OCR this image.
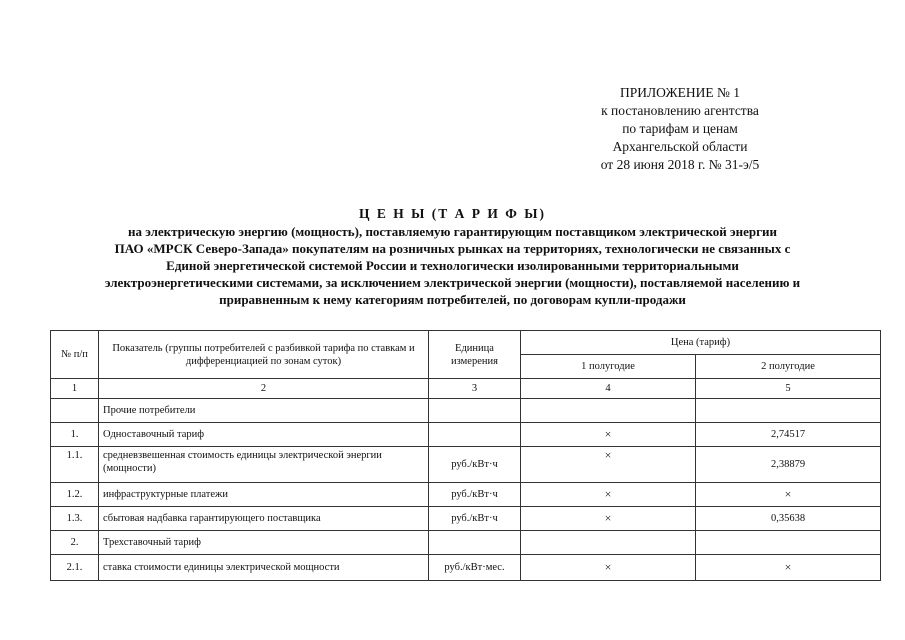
ПРИЛОЖЕНИЕ № 1
к постановлению агентства
по тарифам и ценам
Архангельской области
от 28 июня 2018 г. № 31-э/5
Ц Е Н Ы (Т А Р И Ф Ы)
на электрическую энергию (мощность), поставляемую гарантирующим поставщиком электрической энергии
ПАО «МРСК Северо-Запада» покупателям на розничных рынках на территориях, технологически не связанных с
Единой энергетической системой России и технологически изолированными территориальными
электроэнергетическими системами, за исключением электрической энергии (мощности), поставляемой населению и
приравненным к нему категориям потребителей, по договорам купли-продажи
№ п/п	Показатель (группы потребителей с разбивкой тарифа по ставкам и дифференциацией по зонам суток)	Единица измерения	Цена (тариф)	
			1 полугодие	2 полугодие
1	2	3	4	5
	Прочие потребители			
1.	Одноставочный тариф		×	2,74517
1.1.	средневзвешенная стоимость единицы электрической энергии (мощности)	руб./кВт·ч	×	2,38879
1.2.	инфраструктурные платежи	руб./кВт·ч	×	×
1.3.	сбытовая надбавка гарантирующего поставщика	руб./кВт·ч	×	0,35638
2.	Трехставочный тариф			
2.1.	ставка стоимости единицы электрической мощности	руб./кВт·мес.	×	×
